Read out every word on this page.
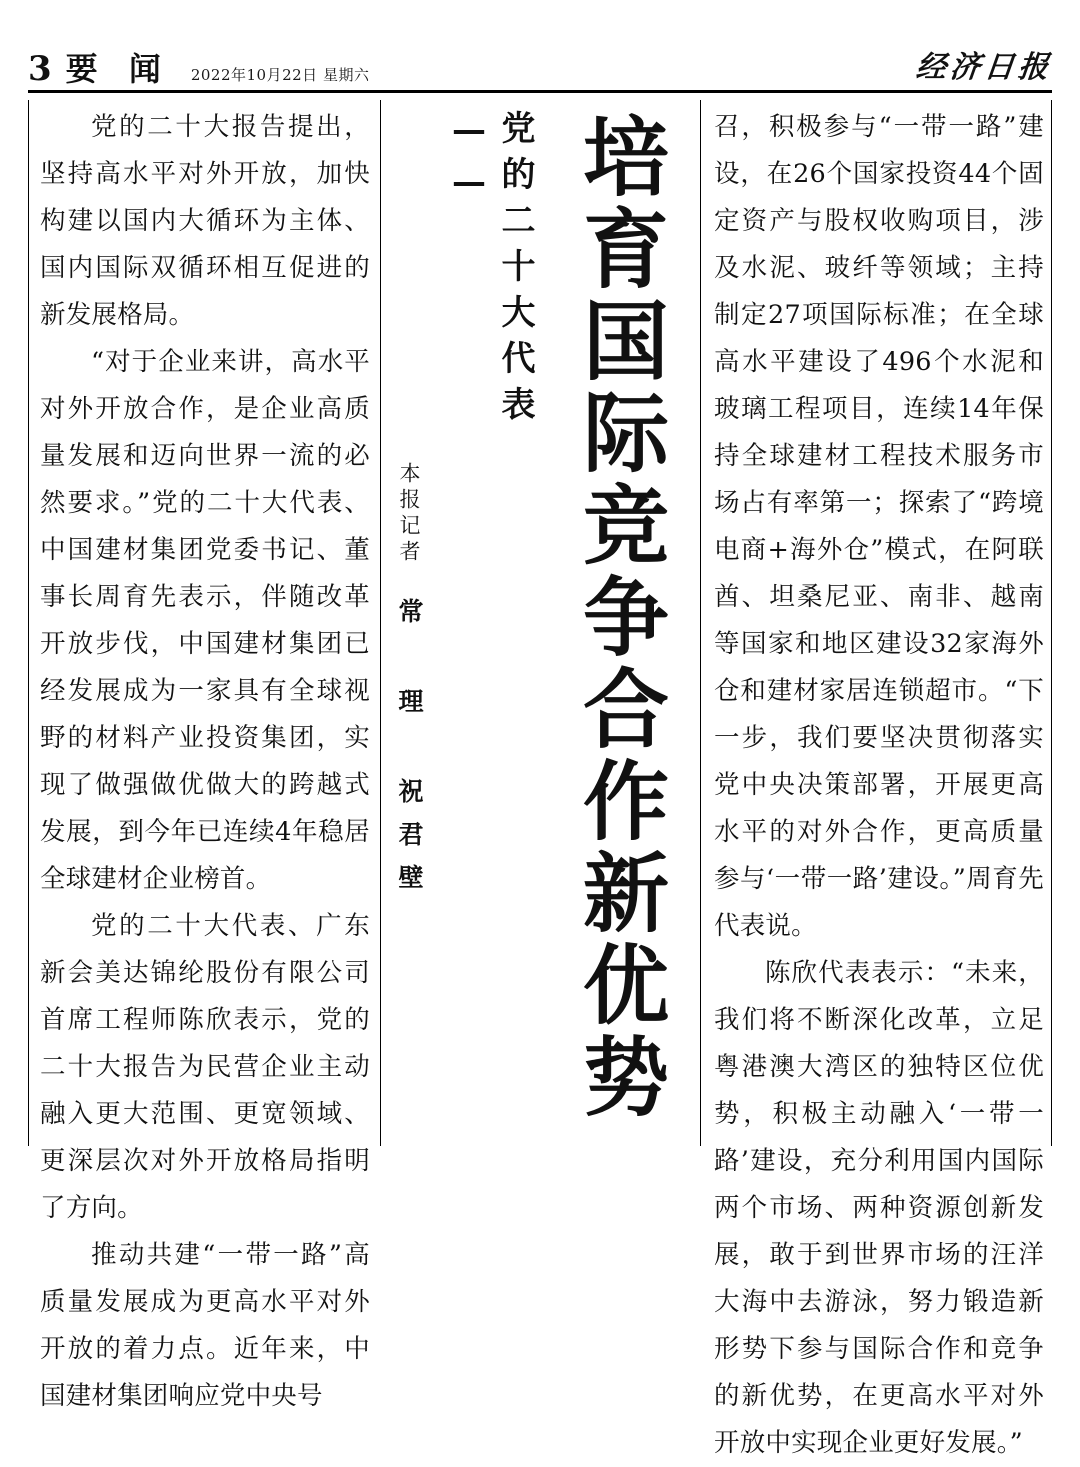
3 要 闻 2022年10月22日 星期六	经济日报

党的二十大报告提出，坚持高水平对外开放，加快构建以国内大循环为主体、国内国际双循环相互促进的新发展格局。

“对于企业来讲，高水平对外开放合作，是企业高质量发展和迈向世界一流的必然要求。”党的二十大代表、中国建材集团党委书记、董事长周育先表示，伴随改革开放步伐，中国建材集团已经发展成为一家具有全球视野的材料产业投资集团，实现了做强做优做大的跨越式发展，到今年已连续4年稳居全球建材企业榜首。

党的二十大代表、广东新会美达锦纶股份有限公司首席工程师陈欣表示，党的二十大报告为民营企业主动融入更大范围、更宽领域、更深层次对外开放格局指明了方向。

推动共建“一带一路”高质量发展成为更高水平对外开放的着力点。近年来，中国建材集团响应党中央号

培育国际竞争合作新优势
党的二十大代表
——
本报记者 常 理 祝君壁

召，积极参与“一带一路”建设，在26个国家投资44个固定资产与股权收购项目，涉及水泥、玻纤等领域；主持制定27项国际标准；在全球高水平建设了496个水泥和玻璃工程项目，连续14年保持全球建材工程技术服务市场占有率第一；探索了“跨境电商+海外仓”模式，在阿联酋、坦桑尼亚、南非、越南等国家和地区建设32家海外仓和建材家居连锁超市。“下一步，我们要坚决贯彻落实党中央决策部署，开展更高水平的对外合作，更高质量参与‘一带一路’建设。”周育先代表说。

陈欣代表表示：“未来，我们将不断深化改革，立足粤港澳大湾区的独特区位优势，积极主动融入‘一带一路’建设，充分利用国内国际两个市场、两种资源创新发展，敢于到世界市场的汪洋大海中去游泳，努力锻造新形势下参与国际合作和竞争的新优势，在更高水平对外开放中实现企业更好发展。”
